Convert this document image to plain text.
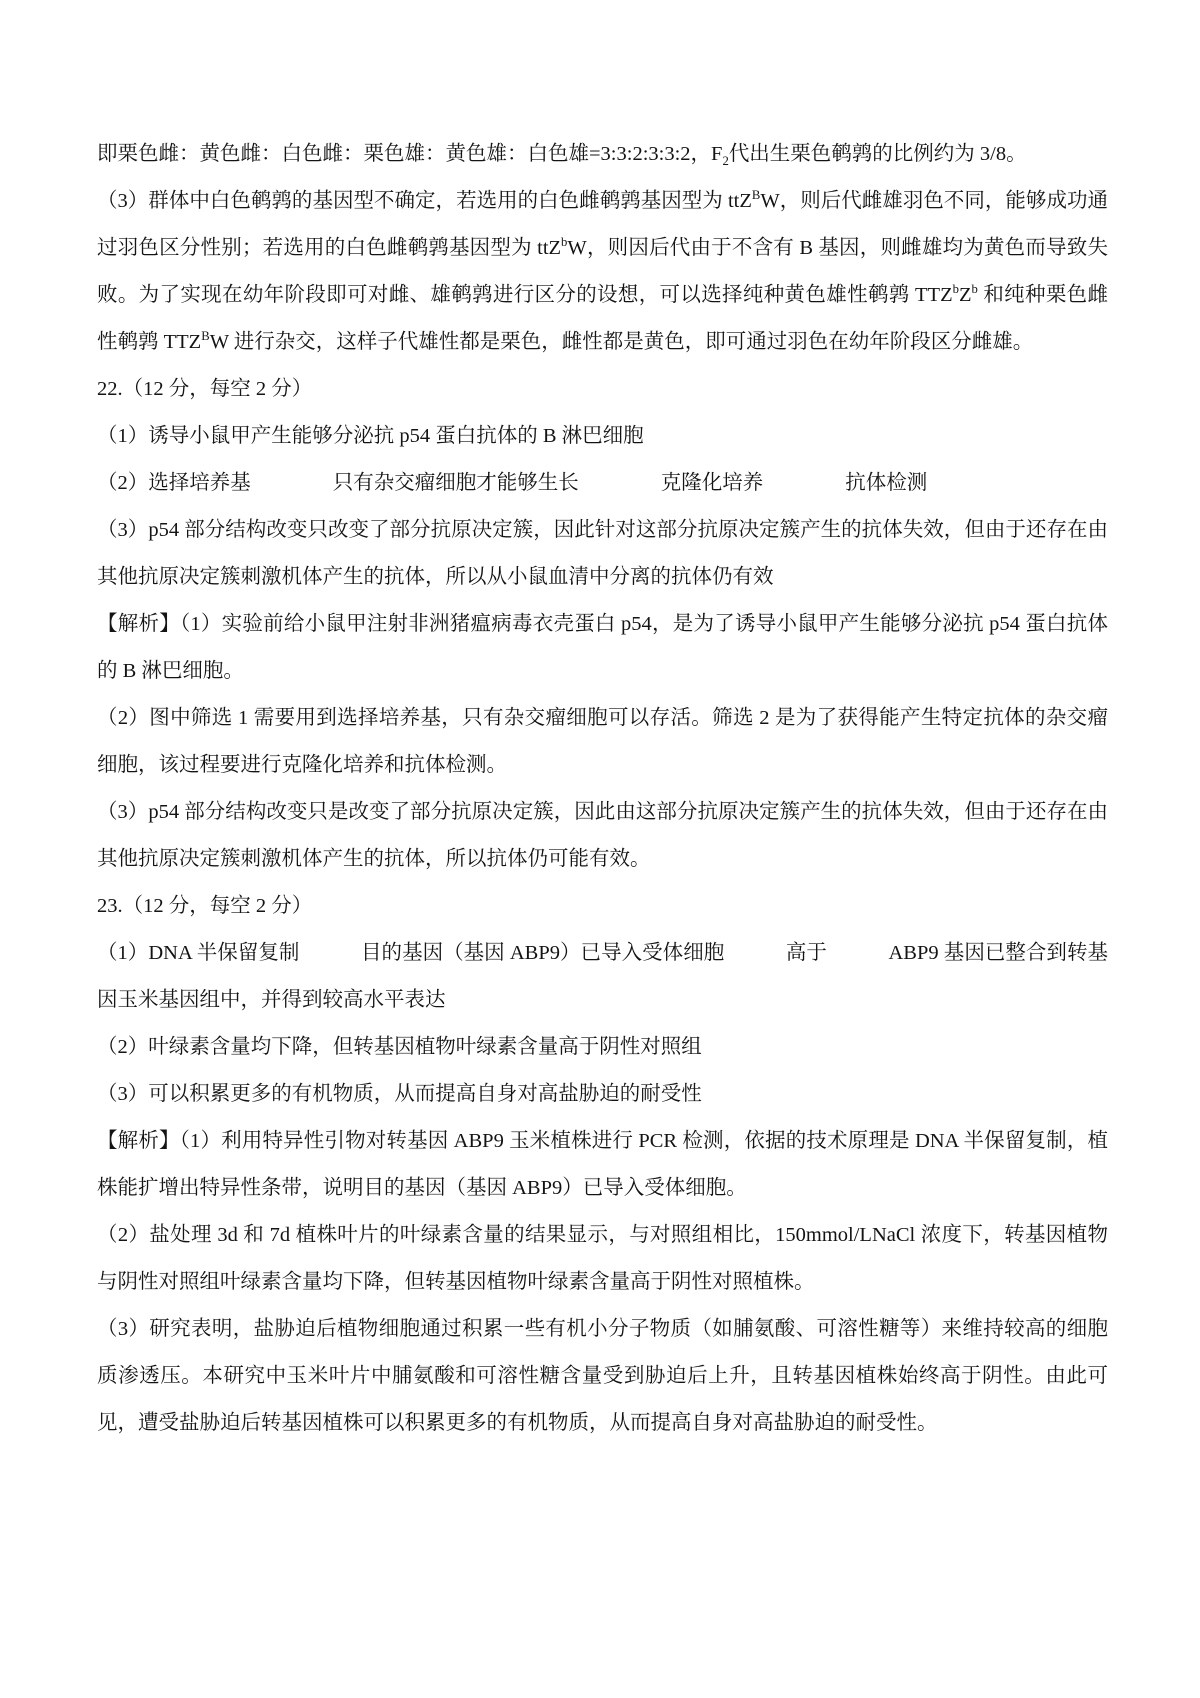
即栗色雌：黄色雌：白色雌：栗色雄：黄色雄：白色雄=3:3:2:3:3:2，$F_2$代出生栗色鹌鹑的比例约为 3/8。

（3）群体中白色鹌鹑的基因型不确定，若选用的白色雌鹌鹑基因型为 ttZ$^B$W，则后代雌雄羽色不同，能够成功通过羽色区分性别；若选用的白色雌鹌鹑基因型为 ttZ$^b$W，则因后代由于不含有 B 基因，则雌雄均为黄色而导致失败。为了实现在幼年阶段即可对雌、雄鹌鹑进行区分的设想，可以选择纯种黄色雄性鹌鹑 $TTZ^bZ^b$ 和纯种栗色雌性鹌鹑 $TTZ^BW$ 进行杂交，这样子代雄性都是栗色，雌性都是黄色，即可通过羽色在幼年阶段区分雌雄。

22.（12 分，每空 2 分）

（1）诱导小鼠甲产生能够分泌抗 p54 蛋白抗体的 B 淋巴细胞

（2）选择培养基　　　　只有杂交瘤细胞才能够生长　　　　克隆化培养　　　　抗体检测

（3）p54 部分结构改变只改变了部分抗原决定簇，因此针对这部分抗原决定簇产生的抗体失效，但由于还存在由其他抗原决定簇刺激机体产生的抗体，所以从小鼠血清中分离的抗体仍有效

【解析】（1）实验前给小鼠甲注射非洲猪瘟病毒衣壳蛋白 p54，是为了诱导小鼠甲产生能够分泌抗 p54 蛋白抗体的 B 淋巴细胞。

（2）图中筛选 1 需要用到选择培养基，只有杂交瘤细胞可以存活。筛选 2 是为了获得能产生特定抗体的杂交瘤细胞，该过程要进行克隆化培养和抗体检测。

（3）p54 部分结构改变只是改变了部分抗原决定簇，因此由这部分抗原决定簇产生的抗体失效，但由于还存在由其他抗原决定簇刺激机体产生的抗体，所以抗体仍可能有效。

23.（12 分，每空 2 分）

（1）DNA 半保留复制　　　目的基因（基因 ABP9）已导入受体细胞　　　高于　　　ABP9 基因已整合到转基因玉米基因组中，并得到较高水平表达

（2）叶绿素含量均下降，但转基因植物叶绿素含量高于阴性对照组

（3）可以积累更多的有机物质，从而提高自身对高盐胁迫的耐受性

【解析】（1）利用特异性引物对转基因 ABP9 玉米植株进行 PCR 检测，依据的技术原理是 DNA 半保留复制，植株能扩增出特异性条带，说明目的基因（基因 ABP9）已导入受体细胞。

（2）盐处理 3d 和 7d 植株叶片的叶绿素含量的结果显示，与对照组相比，150mmol/LNaCl 浓度下，转基因植物与阴性对照组叶绿素含量均下降，但转基因植物叶绿素含量高于阴性对照植株。

（3）研究表明，盐胁迫后植物细胞通过积累一些有机小分子物质（如脯氨酸、可溶性糖等）来维持较高的细胞质渗透压。本研究中玉米叶片中脯氨酸和可溶性糖含量受到胁迫后上升，且转基因植株始终高于阴性。由此可见，遭受盐胁迫后转基因植株可以积累更多的有机物质，从而提高自身对高盐胁迫的耐受性。
